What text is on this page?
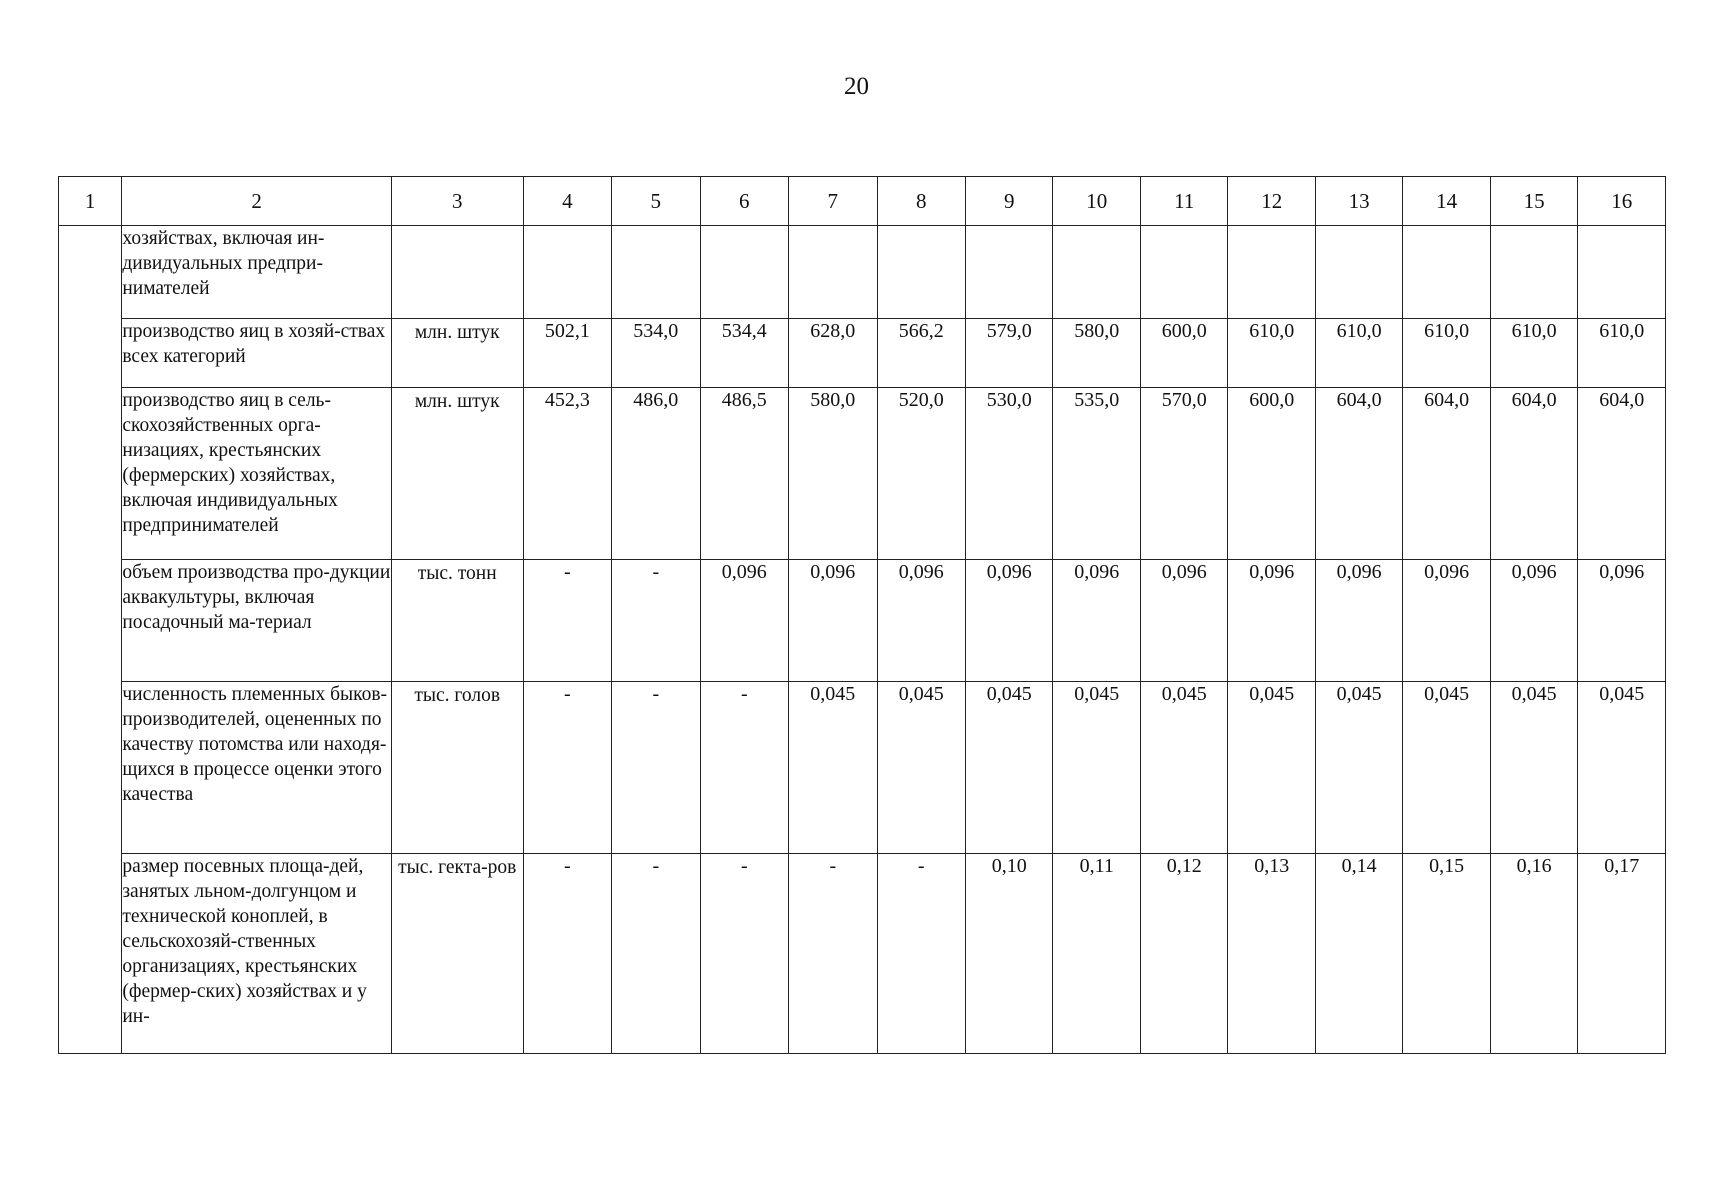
20
1	2	3	4	5	6	7	8	9	10	11	12	13	14	15	16
	хозяйствах, включая ин-дивидуальных предпри-нимателей														
	производство яиц в хозяй-ствах всех категорий	млн. штук	502,1	534,0	534,4	628,0	566,2	579,0	580,0	600,0	610,0	610,0	610,0	610,0	610,0
	производство яиц в сель-скохозяйственных орга-низациях, крестьянских (фермерских) хозяйствах, включая индивидуальных предпринимателей	млн. штук	452,3	486,0	486,5	580,0	520,0	530,0	535,0	570,0	600,0	604,0	604,0	604,0	604,0
	объем производства про-дукции аквакультуры, включая посадочный ма-териал	тыс. тонн	-	-	0,096	0,096	0,096	0,096	0,096	0,096	0,096	0,096	0,096	0,096	0,096
	численность племенных быков-производителей, оцененных по качеству потомства или находя-щихся в процессе оценки этого качества	тыс. голов	-	-	-	0,045	0,045	0,045	0,045	0,045	0,045	0,045	0,045	0,045	0,045
	размер посевных площа-дей, занятых льном-долгунцом и технической коноплей, в сельскохозяй-ственных организациях, крестьянских (фермер-ских) хозяйствах и у ин-	тыс. гекта-ров	-	-	-	-	-	0,10	0,11	0,12	0,13	0,14	0,15	0,16	0,17
